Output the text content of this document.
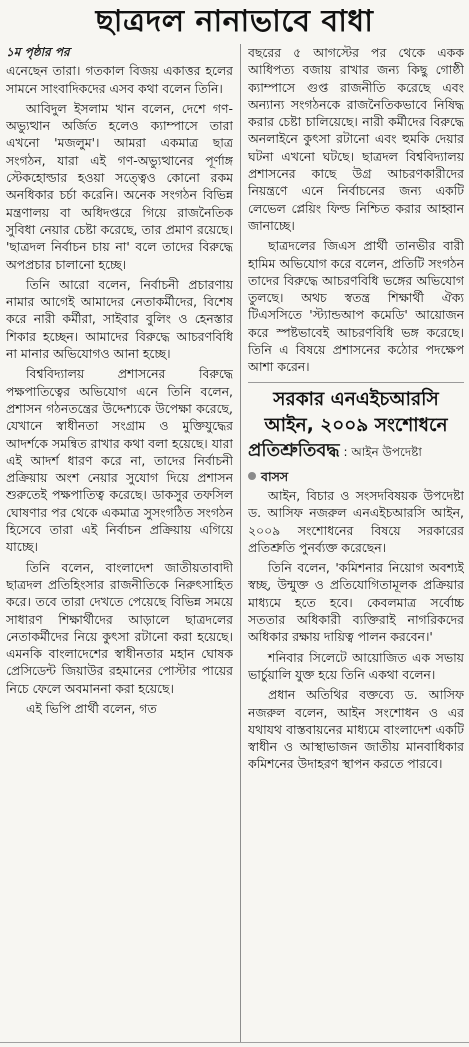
ছাত্রদল নানাভাবে বাধা
১ম পৃষ্ঠার পর

এনেছেন তারা। গতকাল বিজয় একাত্তর হলের সামনে সাংবাদিকদের এসব কথা বলেন তিনি।

আবিদুল ইসলাম খান বলেন, দেশে গণ-অভ্যুত্থান অর্জিত হলেও ক্যাম্পাসে তারা এখনো 'মজলুম'। আমরা একমাত্র ছাত্র সংগঠন, যারা এই গণ-অভ্যুত্থানের পূর্ণাঙ্গ স্টেকহোল্ডার হওয়া সত্ত্বেও কোনো রকম অনধিকার চর্চা করেনি। অনেক সংগঠন বিভিন্ন মন্ত্রণালয় বা অধিদপ্তরে গিয়ে রাজনৈতিক সুবিধা নেয়ার চেষ্টা করেছে, তার প্রমাণ রয়েছে। 'ছাত্রদল নির্বাচন চায় না' বলে তাদের বিরুদ্ধে অপপ্রচার চালানো হচ্ছে।

তিনি আরো বলেন, নির্বাচনী প্রচারণায় নামার আগেই আমাদের নেতাকর্মীদের, বিশেষ করে নারী কর্মীরা, সাইবার বুলিং ও হেনস্তার শিকার হচ্ছেন। আমাদের বিরুদ্ধে আচরণবিধি না মানার অভিযোগও আনা হচ্ছে।

বিশ্ববিদ্যালয় প্রশাসনের বিরুদ্ধে পক্ষপাতিত্বের অভিযোগ এনে তিনি বলেন, প্রশাসন গঠনতন্ত্রের উদ্দেশ্যকে উপেক্ষা করেছে, যেখানে স্বাধীনতা সংগ্রাম ও মুক্তিযুদ্ধের আদর্শকে সমন্বিত রাখার কথা বলা হয়েছে। যারা এই আদর্শ ধারণ করে না, তাদের নির্বাচনী প্রক্রিয়ায় অংশ নেয়ার সুযোগ দিয়ে প্রশাসন শুরুতেই পক্ষপাতিত্ব করেছে। ডাকসুর তফসিল ঘোষণার পর থেকে একমাত্র সুসংগঠিত সংগঠন হিসেবে তারা এই নির্বাচন প্রক্রিয়ায় এগিয়ে যাচ্ছে।

তিনি বলেন, বাংলাদেশ জাতীয়তাবাদী ছাত্রদল প্রতিহিংসার রাজনীতিকে নিরুৎসাহিত করে। তবে তারা দেখতে পেয়েছে বিভিন্ন সময়ে সাধারণ শিক্ষার্থীদের আড়ালে ছাত্রদলের নেতাকর্মীদের নিয়ে কুৎসা রটানো করা হয়েছে। এমনকি বাংলাদেশের স্বাধীনতার মহান ঘোষক প্রেসিডেন্ট জিয়াউর রহমানের পোস্টার পায়ের নিচে ফেলে অবমাননা করা হয়েছে।

এই ভিপি প্রার্থী বলেন, গত

বছরের ৫ আগস্টের পর থেকে একক আধিপত্য বজায় রাখার জন্য কিছু গোষ্ঠী ক্যাম্পাসে গুপ্ত রাজনীতি করেছে এবং অন্যান্য সংগঠনকে রাজনৈতিকভাবে নিষিদ্ধ করার চেষ্টা চালিয়েছে। নারী কর্মীদের বিরুদ্ধে অনলাইনে কুৎসা রটানো এবং হুমকি দেয়ার ঘটনা এখনো ঘটছে। ছাত্রদল বিশ্ববিদ্যালয় প্রশাসনের কাছে উগ্র আচরণকারীদের নিয়ন্ত্রণে এনে নির্বাচনের জন্য একটি লেভেল প্লেয়িং ফিল্ড নিশ্চিত করার আহ্বান জানাচ্ছে।

ছাত্রদলের জিএস প্রার্থী তানভীর বারী হামিম অভিযোগ করে বলেন, প্রতিটি সংগঠন তাদের বিরুদ্ধে আচরণবিধি ভঙ্গের অভিযোগ তুলছে। অথচ স্বতন্ত্র শিক্ষার্থী ঐক্য টিএসসিতে 'স্ট্যান্ডআপ কমেডি' আয়োজন করে স্পষ্টভাবেই আচরণবিধি ভঙ্গ করেছে। তিনি এ বিষয়ে প্রশাসনের কঠোর পদক্ষেপ আশা করেন।

সরকার এনএইচআরসি
আইন, ২০০৯ সংশোধনে
প্রতিশ্রুতিবদ্ধ : আইন উপদেষ্টা
বাসস

আইন, বিচার ও সংসদবিষয়ক উপদেষ্টা ড. আসিফ নজরুল এনএইচআরসি আইন, ২০০৯ সংশোধনের বিষয়ে সরকারের প্রতিশ্রুতি পুনর্ব্যক্ত করেছেন।

তিনি বলেন, 'কমিশনার নিয়োগ অবশ্যই স্বচ্ছ, উন্মুক্ত ও প্রতিযোগিতামূলক প্রক্রিয়ার মাধ্যমে হতে হবে। কেবলমাত্র সর্বোচ্চ সততার অধিকারী ব্যক্তিরাই নাগরিকদের অধিকার রক্ষায় দায়িত্ব পালন করবেন।'

শনিবার সিলেটে আয়োজিত এক সভায় ভার্চুয়ালি যুক্ত হয়ে তিনি একথা বলেন।

প্রধান অতিথির বক্তব্যে ড. আসিফ নজরুল বলেন, আইন সংশোধন ও এর যথাযথ বাস্তবায়নের মাধ্যমে বাংলাদেশ একটি স্বাধীন ও আস্থাভাজন জাতীয় মানবাধিকার কমিশনের উদাহরণ স্থাপন করতে পারবে।
